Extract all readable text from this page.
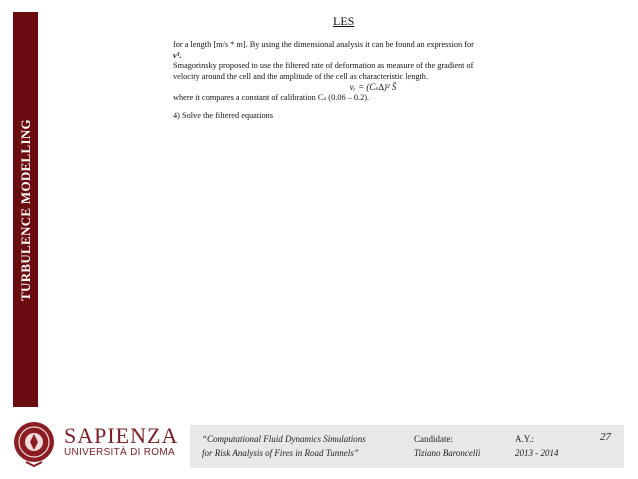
TURBULENCE MODELLING
LES

for a length [m/s * m]. By using the dimensional analysis it can be found an expression for

νᵀ.

Smagorinsky proposed to use the filtered rate of deformation as measure of the gradient of

velocity around the cell and the amplitude of the cell as characteristic length.

νᵣ = (Cₛ∆)² S̄

where it compares a constant of calibration Cₛ (0.06 – 0.2).

4) Solve the filtered equations

SAPIENZA
UNIVERSITÀ DI ROMA
“Computational Fluid Dynamics Simulations
for Risk Analysis of Fires in Road Tunnels”
Candidate:
Tiziano Baroncelli
A.Y.:
2013 - 2014
27
